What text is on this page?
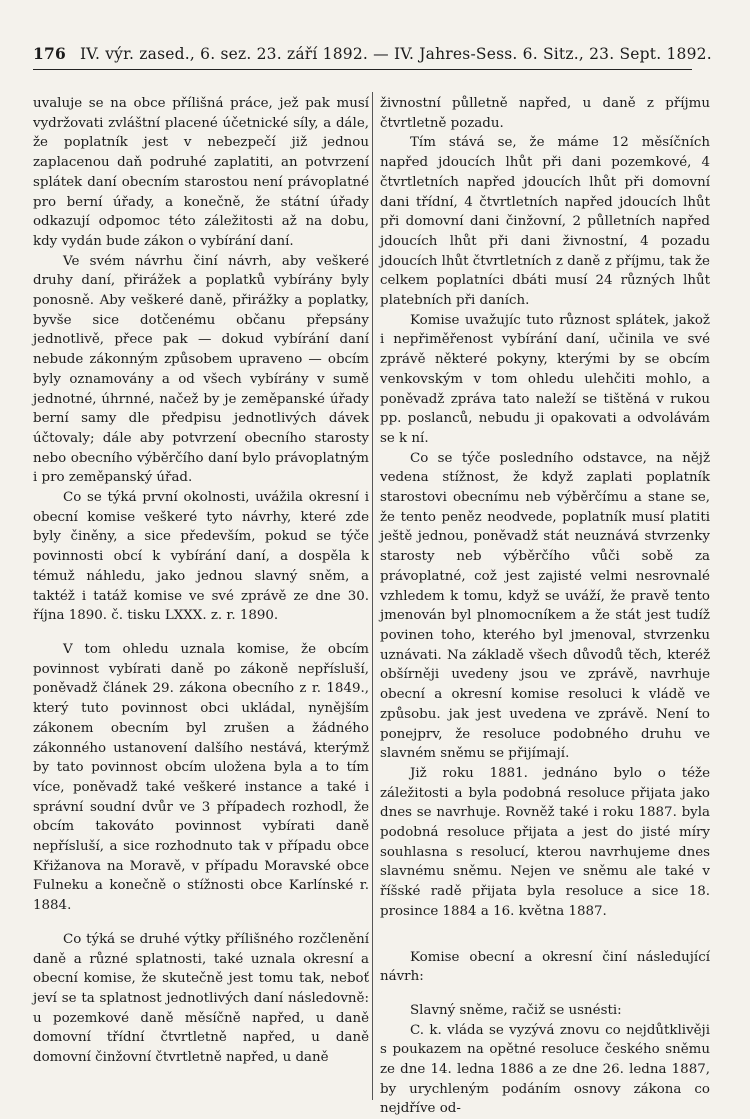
176 IV. výr. zased., 6. sez. 23. září 1892. — IV. Jahres-Sess. 6. Sitz., 23. Sept. 1892.

uvaluje se na obce přílišná práce, jež pak musí vydržovati zvláštní placené účetnické síly, a dále, že poplatník jest v nebezpečí již jednou zaplacenou daň podruhé zaplatiti, an potvrzení splátek daní obecním starostou není právoplatné pro berní úřady, a konečně, že státní úřady odkazují odpomoc této záležitosti až na dobu, kdy vydán bude zákon o vybírání daní.

Ve svém návrhu činí návrh, aby veškeré druhy daní, přirážek a poplatků vybírány byly ponosně. Aby veškeré daně, přirážky a poplatky, byvše sice dotčenému občanu přepsány jednotlivě, přece pak — dokud vybírání daní nebude zákonným způsobem upraveno — obcím byly oznamovány a od všech vybírány v sumě jednotné, úhrnné, načež by je zeměpanské úřady berní samy dle předpisu jednotlivých dávek účtovaly; dále aby potvrzení obecního starosty nebo obecního výběrčího daní bylo právoplatným i pro zeměpanský úřad.

Co se týká první okolnosti, uvážila okresní i obecní komise veškeré tyto návrhy, které zde byly činěny, a sice především, pokud se týče povinnosti obcí k vybírání daní, a dospěla k témuž náhledu, jako jednou slavný sněm, a taktéž i tatáž komise ve své zprávě ze dne 30. října 1890. č. tisku LXXX. z. r. 1890.

V tom ohledu uznala komise, že obcím povinnost vybírati daně po zákoně nepřísluší, poněvadž článek 29. zákona obecního z r. 1849., který tuto povinnost obci ukládal, nynějším zákonem obecním byl zrušen a žádného zákonného ustanovení dalšího nestává, kterýmž by tato povinnost obcím uložena byla a to tím více, poněvadž také veškeré instance a také i správní soudní dvůr ve 3 případech rozhodl, že obcím takováto povinnost vybírati daně nepřísluší, a sice rozhodnuto tak v případu obce Křižanova na Moravě, v případu Moravské obce Fulneku a konečně o stížnosti obce Karlínské r. 1884.

Co týká se druhé výtky přílišného rozčlenění daně a různé splatnosti, také uznala okresní a obecní komise, že skutečně jest tomu tak, neboť jeví se ta splatnost jednotlivých daní následovně: u pozemkové daně měsíčně napřed, u daně domovní třídní čtvrtletně napřed, u daně domovní činžovní čtvrtletně napřed, u daně

živnostní půlletně napřed, u daně z příjmu čtvrtletně pozadu.

Tím stává se, že máme 12 měsíčních napřed jdoucích lhůt při dani pozemkové, 4 čtvrtletních napřed jdoucích lhůt při domovní dani třídní, 4 čtvrtletních napřed jdoucích lhůt při domovní dani činžovní, 2 půlletních napřed jdoucích lhůt při dani živnostní, 4 pozadu jdoucích lhůt čtvrtletních z daně z příjmu, tak že celkem poplatníci dbáti musí 24 různých lhůt platebních při daních.

Komise uvažujíc tuto různost splátek, jakož i nepřiměřenost vybírání daní, učinila ve své zprávě některé pokyny, kterými by se obcím venkovským v tom ohledu ulehčiti mohlo, a poněvadž zpráva tato naleží se tištěná v rukou pp. poslanců, nebudu ji opakovati a odvolávám se k ní.

Co se týče posledního odstavce, na nějž vedena stížnost, že když zaplati poplatník starostovi obecnímu neb výběrčímu a stane se, že tento peněz neodvede, poplatník musí platiti ještě jednou, poněvadž stát neuznává stvrzenky starosty neb výběrčího vůči sobě za právoplatné, což jest zajisté velmi nesrovnalé vzhledem k tomu, když se uváží, že pravě tento jmenován byl plnomocníkem a že stát jest tudíž povinen toho, kterého byl jmenoval, stvrzenku uznávati. Na základě všech důvodů těch, kteréž obšírněji uvedeny jsou ve zprávě, navrhuje obecní a okresní komise resoluci k vládě ve způsobu. jak jest uvedena ve zprávě. Není to ponejprv, že resoluce podobného druhu ve slavném sněmu se přijímají.

Již roku 1881. jednáno bylo o téže záležitosti a byla podobná resoluce přijata jako dnes se navrhuje. Rovněž také i roku 1887. byla podobná resoluce přijata a jest do jisté míry souhlasna s resolucí, kterou navrhujeme dnes slavnému sněmu. Nejen ve sněmu ale také v říšské radě přijata byla resoluce a sice 18. prosince 1884 a 16. května 1887.

Komise obecní a okresní činí následující návrh:

Slavný sněme, račiž se usnésti:

C. k. vláda se vyzývá znovu co nejdůtklivěji s poukazem na opětné resoluce českého sněmu ze dne 14. ledna 1886 a ze dne 26. ledna 1887, by urychleným podáním osnovy zákona co nejdříve od-
